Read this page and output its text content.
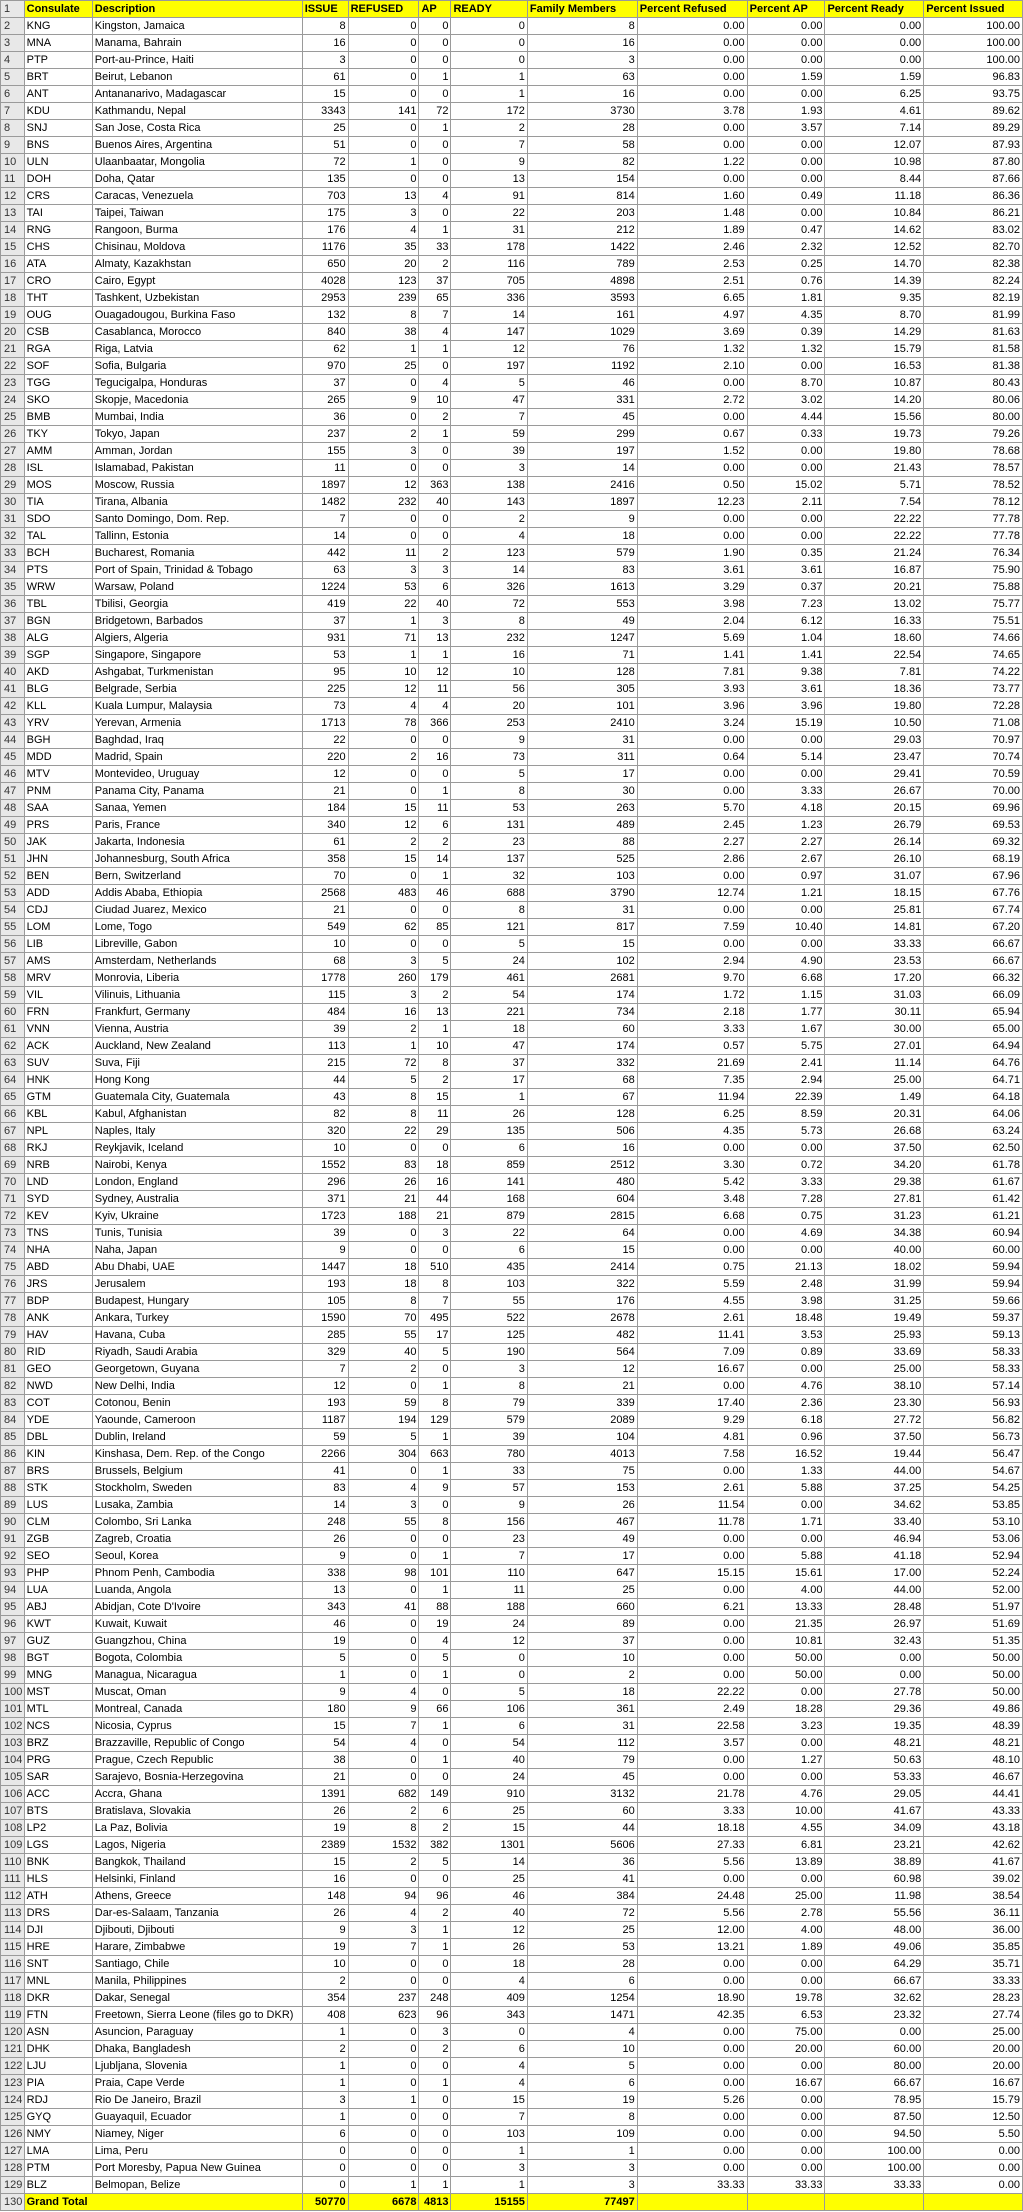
1	Consulate	Description	ISSUE	REFUSED	AP	READY	Family Members	Percent Refused	Percent AP	Percent Ready	Percent Issued
2	KNG	Kingston, Jamaica	8	0	0	0	8	0.00	0.00	0.00	100.00
3	MNA	Manama, Bahrain	16	0	0	0	16	0.00	0.00	0.00	100.00
4	PTP	Port-au-Prince, Haiti	3	0	0	0	3	0.00	0.00	0.00	100.00
5	BRT	Beirut, Lebanon	61	0	1	1	63	0.00	1.59	1.59	96.83
6	ANT	Antananarivo, Madagascar	15	0	0	1	16	0.00	0.00	6.25	93.75
7	KDU	Kathmandu, Nepal	3343	141	72	172	3730	3.78	1.93	4.61	89.62
8	SNJ	San Jose, Costa Rica	25	0	1	2	28	0.00	3.57	7.14	89.29
9	BNS	Buenos Aires, Argentina	51	0	0	7	58	0.00	0.00	12.07	87.93
10	ULN	Ulaanbaatar, Mongolia	72	1	0	9	82	1.22	0.00	10.98	87.80
11	DOH	Doha, Qatar	135	0	0	13	154	0.00	0.00	8.44	87.66
12	CRS	Caracas, Venezuela	703	13	4	91	814	1.60	0.49	11.18	86.36
13	TAI	Taipei, Taiwan	175	3	0	22	203	1.48	0.00	10.84	86.21
14	RNG	Rangoon, Burma	176	4	1	31	212	1.89	0.47	14.62	83.02
15	CHS	Chisinau, Moldova	1176	35	33	178	1422	2.46	2.32	12.52	82.70
16	ATA	Almaty, Kazakhstan	650	20	2	116	789	2.53	0.25	14.70	82.38
17	CRO	Cairo, Egypt	4028	123	37	705	4898	2.51	0.76	14.39	82.24
18	THT	Tashkent, Uzbekistan	2953	239	65	336	3593	6.65	1.81	9.35	82.19
19	OUG	Ouagadougou, Burkina Faso	132	8	7	14	161	4.97	4.35	8.70	81.99
20	CSB	Casablanca, Morocco	840	38	4	147	1029	3.69	0.39	14.29	81.63
21	RGA	Riga, Latvia	62	1	1	12	76	1.32	1.32	15.79	81.58
22	SOF	Sofia, Bulgaria	970	25	0	197	1192	2.10	0.00	16.53	81.38
23	TGG	Tegucigalpa, Honduras	37	0	4	5	46	0.00	8.70	10.87	80.43
24	SKO	Skopje, Macedonia	265	9	10	47	331	2.72	3.02	14.20	80.06
25	BMB	Mumbai, India	36	0	2	7	45	0.00	4.44	15.56	80.00
26	TKY	Tokyo, Japan	237	2	1	59	299	0.67	0.33	19.73	79.26
27	AMM	Amman, Jordan	155	3	0	39	197	1.52	0.00	19.80	78.68
28	ISL	Islamabad, Pakistan	11	0	0	3	14	0.00	0.00	21.43	78.57
29	MOS	Moscow, Russia	1897	12	363	138	2416	0.50	15.02	5.71	78.52
30	TIA	Tirana, Albania	1482	232	40	143	1897	12.23	2.11	7.54	78.12
31	SDO	Santo Domingo, Dom. Rep.	7	0	0	2	9	0.00	0.00	22.22	77.78
32	TAL	Tallinn, Estonia	14	0	0	4	18	0.00	0.00	22.22	77.78
33	BCH	Bucharest, Romania	442	11	2	123	579	1.90	0.35	21.24	76.34
34	PTS	Port of Spain, Trinidad & Tobago	63	3	3	14	83	3.61	3.61	16.87	75.90
35	WRW	Warsaw, Poland	1224	53	6	326	1613	3.29	0.37	20.21	75.88
36	TBL	Tbilisi, Georgia	419	22	40	72	553	3.98	7.23	13.02	75.77
37	BGN	Bridgetown, Barbados	37	1	3	8	49	2.04	6.12	16.33	75.51
38	ALG	Algiers, Algeria	931	71	13	232	1247	5.69	1.04	18.60	74.66
39	SGP	Singapore, Singapore	53	1	1	16	71	1.41	1.41	22.54	74.65
40	AKD	Ashgabat, Turkmenistan	95	10	12	10	128	7.81	9.38	7.81	74.22
41	BLG	Belgrade, Serbia	225	12	11	56	305	3.93	3.61	18.36	73.77
42	KLL	Kuala Lumpur, Malaysia	73	4	4	20	101	3.96	3.96	19.80	72.28
43	YRV	Yerevan, Armenia	1713	78	366	253	2410	3.24	15.19	10.50	71.08
44	BGH	Baghdad, Iraq	22	0	0	9	31	0.00	0.00	29.03	70.97
45	MDD	Madrid, Spain	220	2	16	73	311	0.64	5.14	23.47	70.74
46	MTV	Montevideo, Uruguay	12	0	0	5	17	0.00	0.00	29.41	70.59
47	PNM	Panama City, Panama	21	0	1	8	30	0.00	3.33	26.67	70.00
48	SAA	Sanaa, Yemen	184	15	11	53	263	5.70	4.18	20.15	69.96
49	PRS	Paris, France	340	12	6	131	489	2.45	1.23	26.79	69.53
50	JAK	Jakarta, Indonesia	61	2	2	23	88	2.27	2.27	26.14	69.32
51	JHN	Johannesburg, South Africa	358	15	14	137	525	2.86	2.67	26.10	68.19
52	BEN	Bern, Switzerland	70	0	1	32	103	0.00	0.97	31.07	67.96
53	ADD	Addis Ababa, Ethiopia	2568	483	46	688	3790	12.74	1.21	18.15	67.76
54	CDJ	Ciudad Juarez, Mexico	21	0	0	8	31	0.00	0.00	25.81	67.74
55	LOM	Lome, Togo	549	62	85	121	817	7.59	10.40	14.81	67.20
56	LIB	Libreville, Gabon	10	0	0	5	15	0.00	0.00	33.33	66.67
57	AMS	Amsterdam, Netherlands	68	3	5	24	102	2.94	4.90	23.53	66.67
58	MRV	Monrovia, Liberia	1778	260	179	461	2681	9.70	6.68	17.20	66.32
59	VIL	Vilinuis, Lithuania	115	3	2	54	174	1.72	1.15	31.03	66.09
60	FRN	Frankfurt, Germany	484	16	13	221	734	2.18	1.77	30.11	65.94
61	VNN	Vienna, Austria	39	2	1	18	60	3.33	1.67	30.00	65.00
62	ACK	Auckland, New Zealand	113	1	10	47	174	0.57	5.75	27.01	64.94
63	SUV	Suva, Fiji	215	72	8	37	332	21.69	2.41	11.14	64.76
64	HNK	Hong Kong	44	5	2	17	68	7.35	2.94	25.00	64.71
65	GTM	Guatemala City, Guatemala	43	8	15	1	67	11.94	22.39	1.49	64.18
66	KBL	Kabul, Afghanistan	82	8	11	26	128	6.25	8.59	20.31	64.06
67	NPL	Naples, Italy	320	22	29	135	506	4.35	5.73	26.68	63.24
68	RKJ	Reykjavik, Iceland	10	0	0	6	16	0.00	0.00	37.50	62.50
69	NRB	Nairobi, Kenya	1552	83	18	859	2512	3.30	0.72	34.20	61.78
70	LND	London, England	296	26	16	141	480	5.42	3.33	29.38	61.67
71	SYD	Sydney, Australia	371	21	44	168	604	3.48	7.28	27.81	61.42
72	KEV	Kyiv, Ukraine	1723	188	21	879	2815	6.68	0.75	31.23	61.21
73	TNS	Tunis, Tunisia	39	0	3	22	64	0.00	4.69	34.38	60.94
74	NHA	Naha, Japan	9	0	0	6	15	0.00	0.00	40.00	60.00
75	ABD	Abu Dhabi, UAE	1447	18	510	435	2414	0.75	21.13	18.02	59.94
76	JRS	Jerusalem	193	18	8	103	322	5.59	2.48	31.99	59.94
77	BDP	Budapest, Hungary	105	8	7	55	176	4.55	3.98	31.25	59.66
78	ANK	Ankara, Turkey	1590	70	495	522	2678	2.61	18.48	19.49	59.37
79	HAV	Havana, Cuba	285	55	17	125	482	11.41	3.53	25.93	59.13
80	RID	Riyadh, Saudi Arabia	329	40	5	190	564	7.09	0.89	33.69	58.33
81	GEO	Georgetown, Guyana	7	2	0	3	12	16.67	0.00	25.00	58.33
82	NWD	New Delhi, India	12	0	1	8	21	0.00	4.76	38.10	57.14
83	COT	Cotonou, Benin	193	59	8	79	339	17.40	2.36	23.30	56.93
84	YDE	Yaounde, Cameroon	1187	194	129	579	2089	9.29	6.18	27.72	56.82
85	DBL	Dublin, Ireland	59	5	1	39	104	4.81	0.96	37.50	56.73
86	KIN	Kinshasa, Dem. Rep. of the Congo	2266	304	663	780	4013	7.58	16.52	19.44	56.47
87	BRS	Brussels, Belgium	41	0	1	33	75	0.00	1.33	44.00	54.67
88	STK	Stockholm, Sweden	83	4	9	57	153	2.61	5.88	37.25	54.25
89	LUS	Lusaka, Zambia	14	3	0	9	26	11.54	0.00	34.62	53.85
90	CLM	Colombo, Sri Lanka	248	55	8	156	467	11.78	1.71	33.40	53.10
91	ZGB	Zagreb, Croatia	26	0	0	23	49	0.00	0.00	46.94	53.06
92	SEO	Seoul, Korea	9	0	1	7	17	0.00	5.88	41.18	52.94
93	PHP	Phnom Penh, Cambodia	338	98	101	110	647	15.15	15.61	17.00	52.24
94	LUA	Luanda, Angola	13	0	1	11	25	0.00	4.00	44.00	52.00
95	ABJ	Abidjan, Cote D'Ivoire	343	41	88	188	660	6.21	13.33	28.48	51.97
96	KWT	Kuwait, Kuwait	46	0	19	24	89	0.00	21.35	26.97	51.69
97	GUZ	Guangzhou, China	19	0	4	12	37	0.00	10.81	32.43	51.35
98	BGT	Bogota, Colombia	5	0	5	0	10	0.00	50.00	0.00	50.00
99	MNG	Managua, Nicaragua	1	0	1	0	2	0.00	50.00	0.00	50.00
100	MST	Muscat, Oman	9	4	0	5	18	22.22	0.00	27.78	50.00
101	MTL	Montreal, Canada	180	9	66	106	361	2.49	18.28	29.36	49.86
102	NCS	Nicosia, Cyprus	15	7	1	6	31	22.58	3.23	19.35	48.39
103	BRZ	Brazzaville, Republic of Congo	54	4	0	54	112	3.57	0.00	48.21	48.21
104	PRG	Prague, Czech Republic	38	0	1	40	79	0.00	1.27	50.63	48.10
105	SAR	Sarajevo, Bosnia-Herzegovina	21	0	0	24	45	0.00	0.00	53.33	46.67
106	ACC	Accra, Ghana	1391	682	149	910	3132	21.78	4.76	29.05	44.41
107	BTS	Bratislava, Slovakia	26	2	6	25	60	3.33	10.00	41.67	43.33
108	LP2	La Paz, Bolivia	19	8	2	15	44	18.18	4.55	34.09	43.18
109	LGS	Lagos, Nigeria	2389	1532	382	1301	5606	27.33	6.81	23.21	42.62
110	BNK	Bangkok, Thailand	15	2	5	14	36	5.56	13.89	38.89	41.67
111	HLS	Helsinki, Finland	16	0	0	25	41	0.00	0.00	60.98	39.02
112	ATH	Athens, Greece	148	94	96	46	384	24.48	25.00	11.98	38.54
113	DRS	Dar-es-Salaam, Tanzania	26	4	2	40	72	5.56	2.78	55.56	36.11
114	DJI	Djibouti, Djibouti	9	3	1	12	25	12.00	4.00	48.00	36.00
115	HRE	Harare, Zimbabwe	19	7	1	26	53	13.21	1.89	49.06	35.85
116	SNT	Santiago, Chile	10	0	0	18	28	0.00	0.00	64.29	35.71
117	MNL	Manila, Philippines	2	0	0	4	6	0.00	0.00	66.67	33.33
118	DKR	Dakar, Senegal	354	237	248	409	1254	18.90	19.78	32.62	28.23
119	FTN	Freetown, Sierra Leone (files go to DKR)	408	623	96	343	1471	42.35	6.53	23.32	27.74
120	ASN	Asuncion, Paraguay	1	0	3	0	4	0.00	75.00	0.00	25.00
121	DHK	Dhaka, Bangladesh	2	0	2	6	10	0.00	20.00	60.00	20.00
122	LJU	Ljubljana, Slovenia	1	0	0	4	5	0.00	0.00	80.00	20.00
123	PIA	Praia, Cape Verde	1	0	1	4	6	0.00	16.67	66.67	16.67
124	RDJ	Rio De Janeiro, Brazil	3	1	0	15	19	5.26	0.00	78.95	15.79
125	GYQ	Guayaquil, Ecuador	1	0	0	7	8	0.00	0.00	87.50	12.50
126	NMY	Niamey, Niger	6	0	0	103	109	0.00	0.00	94.50	5.50
127	LMA	Lima, Peru	0	0	0	1	1	0.00	0.00	100.00	0.00
128	PTM	Port Moresby, Papua New Guinea	0	0	0	3	3	0.00	0.00	100.00	0.00
129	BLZ	Belmopan, Belize	0	1	1	1	3	33.33	33.33	33.33	0.00
130	Grand Total		50770	6678	4813	15155	77497				
